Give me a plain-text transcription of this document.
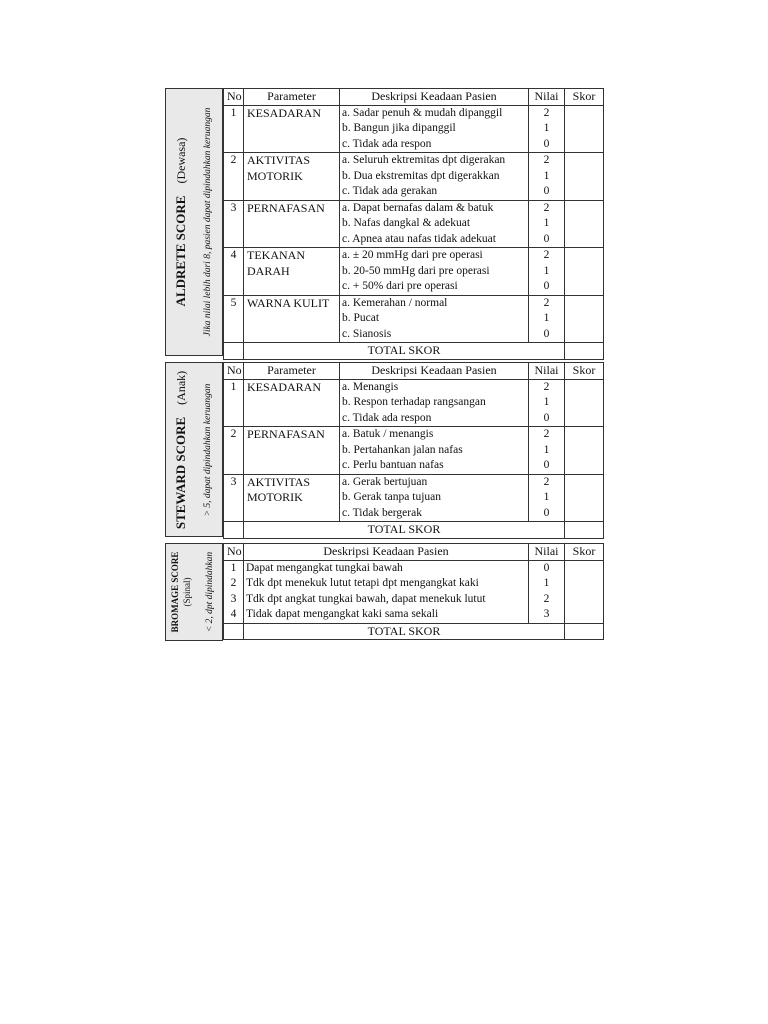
ALDRETE SCORE(Dewasa) Jika nilai lebih dari 8, pasien dapat dipindahkan keruangan
No	Parameter	Deskripsi Keadaan Pasien	Nilai	Skor
1	KESADARAN	a. Sadar penuh & mudah dipanggil	2	
		b. Bangun jika dipanggil	1	
		c. Tidak ada respon	0	
2	AKTIVITAS MOTORIK	a. Seluruh ektremitas dpt digerakan	2	
		b. Dua ekstremitas dpt digerakkan	1	
		c. Tidak ada gerakan	0	
3	PERNAFASAN	a. Dapat bernafas dalam & batuk	2	
		b. Nafas dangkal & adekuat	1	
		c. Apnea atau nafas tidak adekuat	0	
4	TEKANAN DARAH	a. ± 20 mmHg dari pre operasi	2	
		b. 20-50 mmHg dari pre operasi	1	
		c. + 50% dari pre operasi	0	
5	WARNA KULIT	a. Kemerahan / normal	2	
		b. Pucat	1	
		c. Sianosis	0	
	TOTAL SKOR			
STEWARD SCORE(Anak) > 5, dapat dipindahkan keruangan
No	Parameter	Deskripsi Keadaan Pasien	Nilai	Skor
1	KESADARAN	a. Menangis	2	
		b. Respon terhadap rangsangan	1	
		c. Tidak ada respon	0	
2	PERNAFASAN	a. Batuk / menangis	2	
		b. Pertahankan jalan nafas	1	
		c. Perlu bantuan nafas	0	
3	AKTIVITAS MOTORIK	a. Gerak bertujuan	2	
		b. Gerak tanpa tujuan	1	
		c. Tidak bergerak	0	
	TOTAL SKOR			
BROMAGE SCORE (Spinal) < 2, dpt dipindahkan
No	Deskripsi Keadaan Pasien	Nilai	Skor
1	Dapat mengangkat tungkai bawah	0	
2	Tdk dpt menekuk lutut tetapi dpt mengangkat kaki	1	
3	Tdk dpt angkat tungkai bawah, dapat menekuk lutut	2	
4	Tidak dapat mengangkat kaki sama sekali	3	
	TOTAL SKOR		
